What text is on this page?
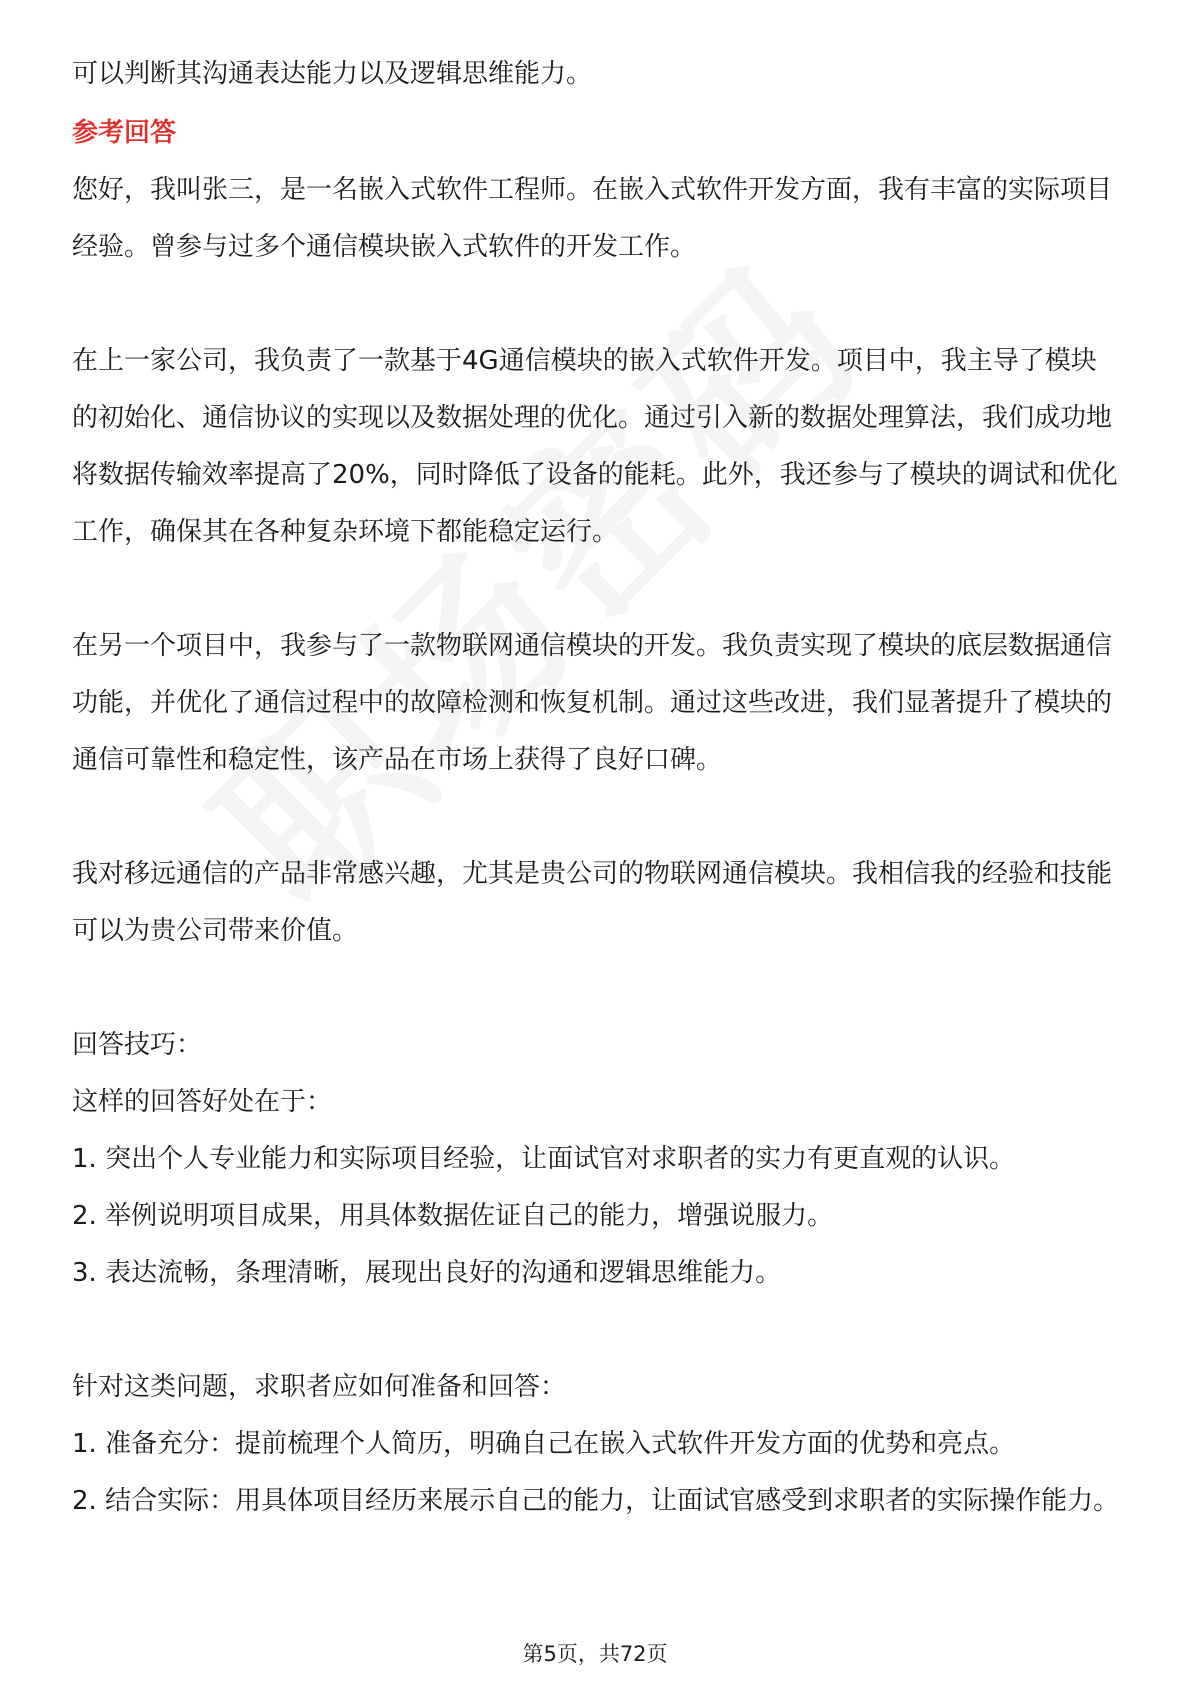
可以判断其沟通表达能力以及逻辑思维能力。

参考回答

您好，我叫张三，是一名嵌入式软件工程师。在嵌入式软件开发方面，我有丰富的实际项目经验。曾参与过多个通信模块嵌入式软件的开发工作。

在上一家公司，我负责了一款基于4G通信模块的嵌入式软件开发。项目中，我主导了模块的初始化、通信协议的实现以及数据处理的优化。通过引入新的数据处理算法，我们成功地将数据传输效率提高了20%，同时降低了设备的能耗。此外，我还参与了模块的调试和优化工作，确保其在各种复杂环境下都能稳定运行。

在另一个项目中，我参与了一款物联网通信模块的开发。我负责实现了模块的底层数据通信功能，并优化了通信过程中的故障检测和恢复机制。通过这些改进，我们显著提升了模块的通信可靠性和稳定性，该产品在市场上获得了良好口碑。

我对移远通信的产品非常感兴趣，尤其是贵公司的物联网通信模块。我相信我的经验和技能可以为贵公司带来价值。

回答技巧：

这样的回答好处在于：

1. 突出个人专业能力和实际项目经验，让面试官对求职者的实力有更直观的认识。

2. 举例说明项目成果，用具体数据佐证自己的能力，增强说服力。

3. 表达流畅，条理清晰，展现出良好的沟通和逻辑思维能力。

针对这类问题，求职者应如何准备和回答：

1. 准备充分：提前梳理个人简历，明确自己在嵌入式软件开发方面的优势和亮点。

2. 结合实际：用具体项目经历来展示自己的能力，让面试官感受到求职者的实际操作能力。

第5页，共72页
